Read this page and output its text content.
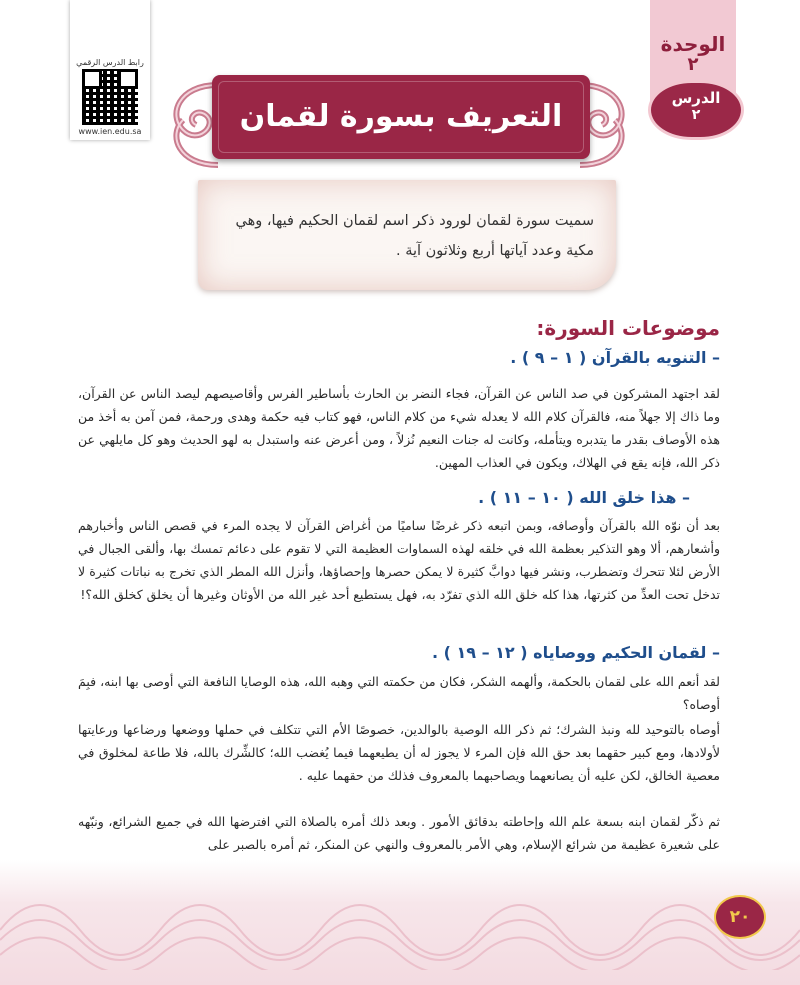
رابط الدرس الرقمي
www.ien.edu.sa
الوحدة
٢
الدرس
٢
التعريف بسورة لقمان

سميت سورة لقمان لورود ذكر اسم لقمان الحكيم فيها، وهي مكية وعدد آياتها أربع وثلاثون آية .

موضوعات السورة:
– التنويه بالقرآن ( ١ – ٩ ) .

لقد اجتهد المشركون في صد الناس عن القرآن، فجاء النضر بن الحارث بأساطير الفرس وأقاصيصهم ليصد الناس عن القرآن، وما ذاك إلا جهلاً منه، فالقرآن كلام الله لا يعدله شيء من كلام الناس، فهو كتاب فيه حكمة وهدى ورحمة، فمن آمن به أخذ من هذه الأوصاف بقدر ما يتدبره ويتأمله، وكانت له جنات النعيم نُزلاً ، ومن أعرض عنه واستبدل به لهو الحديث وهو كل مايلهي عن ذكر الله، فإنه يقع في الهلاك، ويكون في العذاب المهين.

– هذا خلق الله ( ١٠ – ١١ ) .

بعد أن نوّه الله بالقرآن وأوصافه، وبمن اتبعه ذكر غرضًا ساميًا من أغراض القرآن لا يجده المرء في قصص الناس وأخبارهم وأشعارهم، ألا وهو التذكير بعظمة الله في خلقه لهذه السماوات العظيمة التي لا تقوم على دعائم تمسك بها، وألقى الجبال في الأرض لئلا تتحرك وتضطرب، ونشر فيها دوابَّ كثيرة لا يمكن حصرها وإحصاؤها، وأنزل الله المطر الذي تخرج به نباتات كثيرة لا تدخل تحت العدِّ من كثرتها، هذا كله خلق الله الذي تفرّد به، فهل يستطيع أحد غير الله من الأوثان وغيرها أن يخلق كخلق الله؟!

– لقمان الحكيم ووصاياه ( ١٢ – ١٩ ) .

لقد أنعم الله على لقمان بالحكمة، وألهمه الشكر، فكان من حكمته التي وهبه الله، هذه الوصايا النافعة التي أوصى بها ابنه، فبِمَ أوصاه؟

أوصاه بالتوحيد لله ونبذ الشرك؛ ثم ذكر الله الوصية بالوالدين، خصوصًا الأم التي تتكلف في حملها ووضعها ورضاعها ورعايتها لأولادها، ومع كبير حقهما بعد حق الله فإن المرء لا يجوز له أن يطيعهما فيما يُغضب الله؛ كالشِّرك بالله، فلا طاعة لمخلوق في معصية الخالق، لكن عليه أن يصانعهما ويصاحبهما بالمعروف فذلك من حقهما عليه .

ثم ذكّر لقمان ابنه بسعة علم الله وإحاطته بدقائق الأمور . وبعد ذلك أمره بالصلاة التي افترضها الله في جميع الشرائع، ونبّهه على شعيرة عظيمة من شرائع الإسلام، وهي الأمر بالمعروف والنهي عن المنكر، ثم أمره بالصبر على

٢٠
